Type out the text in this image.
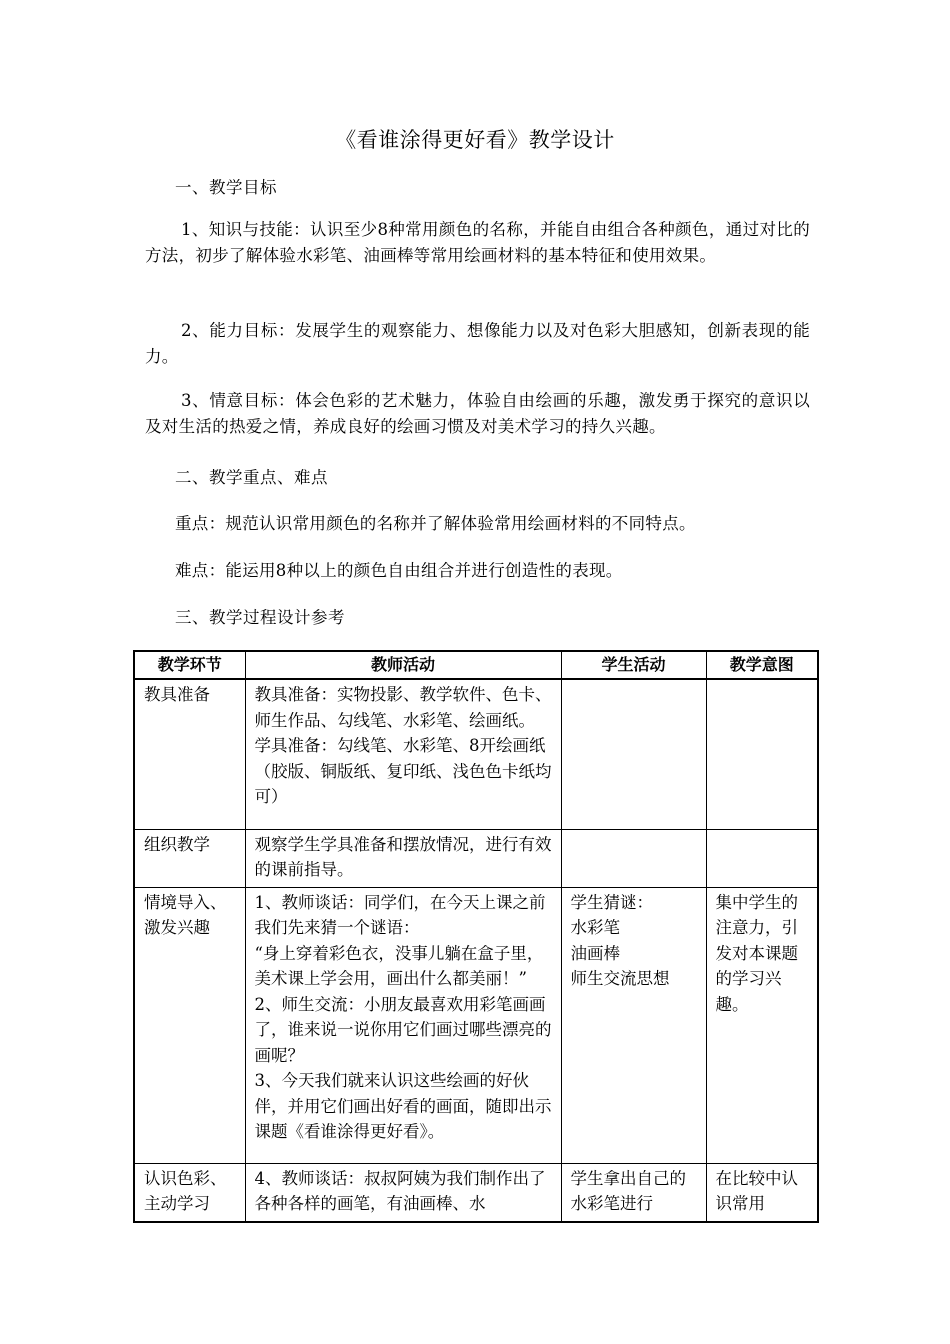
《看谁涂得更好看》教学设计
一、教学目标
1、知识与技能：认识至少8种常用颜色的名称，并能自由组合各种颜色，通过对比的方法，初步了解体验水彩笔、油画棒等常用绘画材料的基本特征和使用效果。
2、能力目标：发展学生的观察能力、想像能力以及对色彩大胆感知，创新表现的能力。
3、情意目标：体会色彩的艺术魅力，体验自由绘画的乐趣，激发勇于探究的意识以及对生活的热爱之情，养成良好的绘画习惯及对美术学习的持久兴趣。
二、教学重点、难点
重点：规范认识常用颜色的名称并了解体验常用绘画材料的不同特点。
难点：能运用8种以上的颜色自由组合并进行创造性的表现。
三、教学过程设计参考
教学环节	教师活动	学生活动	教学意图

教具准备	教具准备：实物投影、教学软件、色卡、师生作品、勾线笔、水彩笔、绘画纸。
学具准备：勾线笔、水彩笔、8开绘画纸（胶版、铜版纸、复印纸、浅色色卡纸均可）		

组织教学	观察学生学具准备和摆放情况，进行有效的课前指导。		

情境导入、激发兴趣	1、教师谈话：同学们，在今天上课之前我们先来猜一个谜语：
“身上穿着彩色衣，没事儿躺在盒子里，美术课上学会用，画出什么都美丽！”
2、师生交流：小朋友最喜欢用彩笔画画了，谁来说一说你用它们画过哪些漂亮的画呢？
3、今天我们就来认识这些绘画的好伙伴，并用它们画出好看的画面，随即出示课题《看谁涂得更好看》。	学生猜谜：
水彩笔
油画棒
师生交流思想	集中学生的注意力，引发对本课题的学习兴趣。

认识色彩、主动学习	4、教师谈话：叔叔阿姨为我们制作出了各种各样的画笔，有油画棒、水	学生拿出自己的水彩笔进行	在比较中认识常用
